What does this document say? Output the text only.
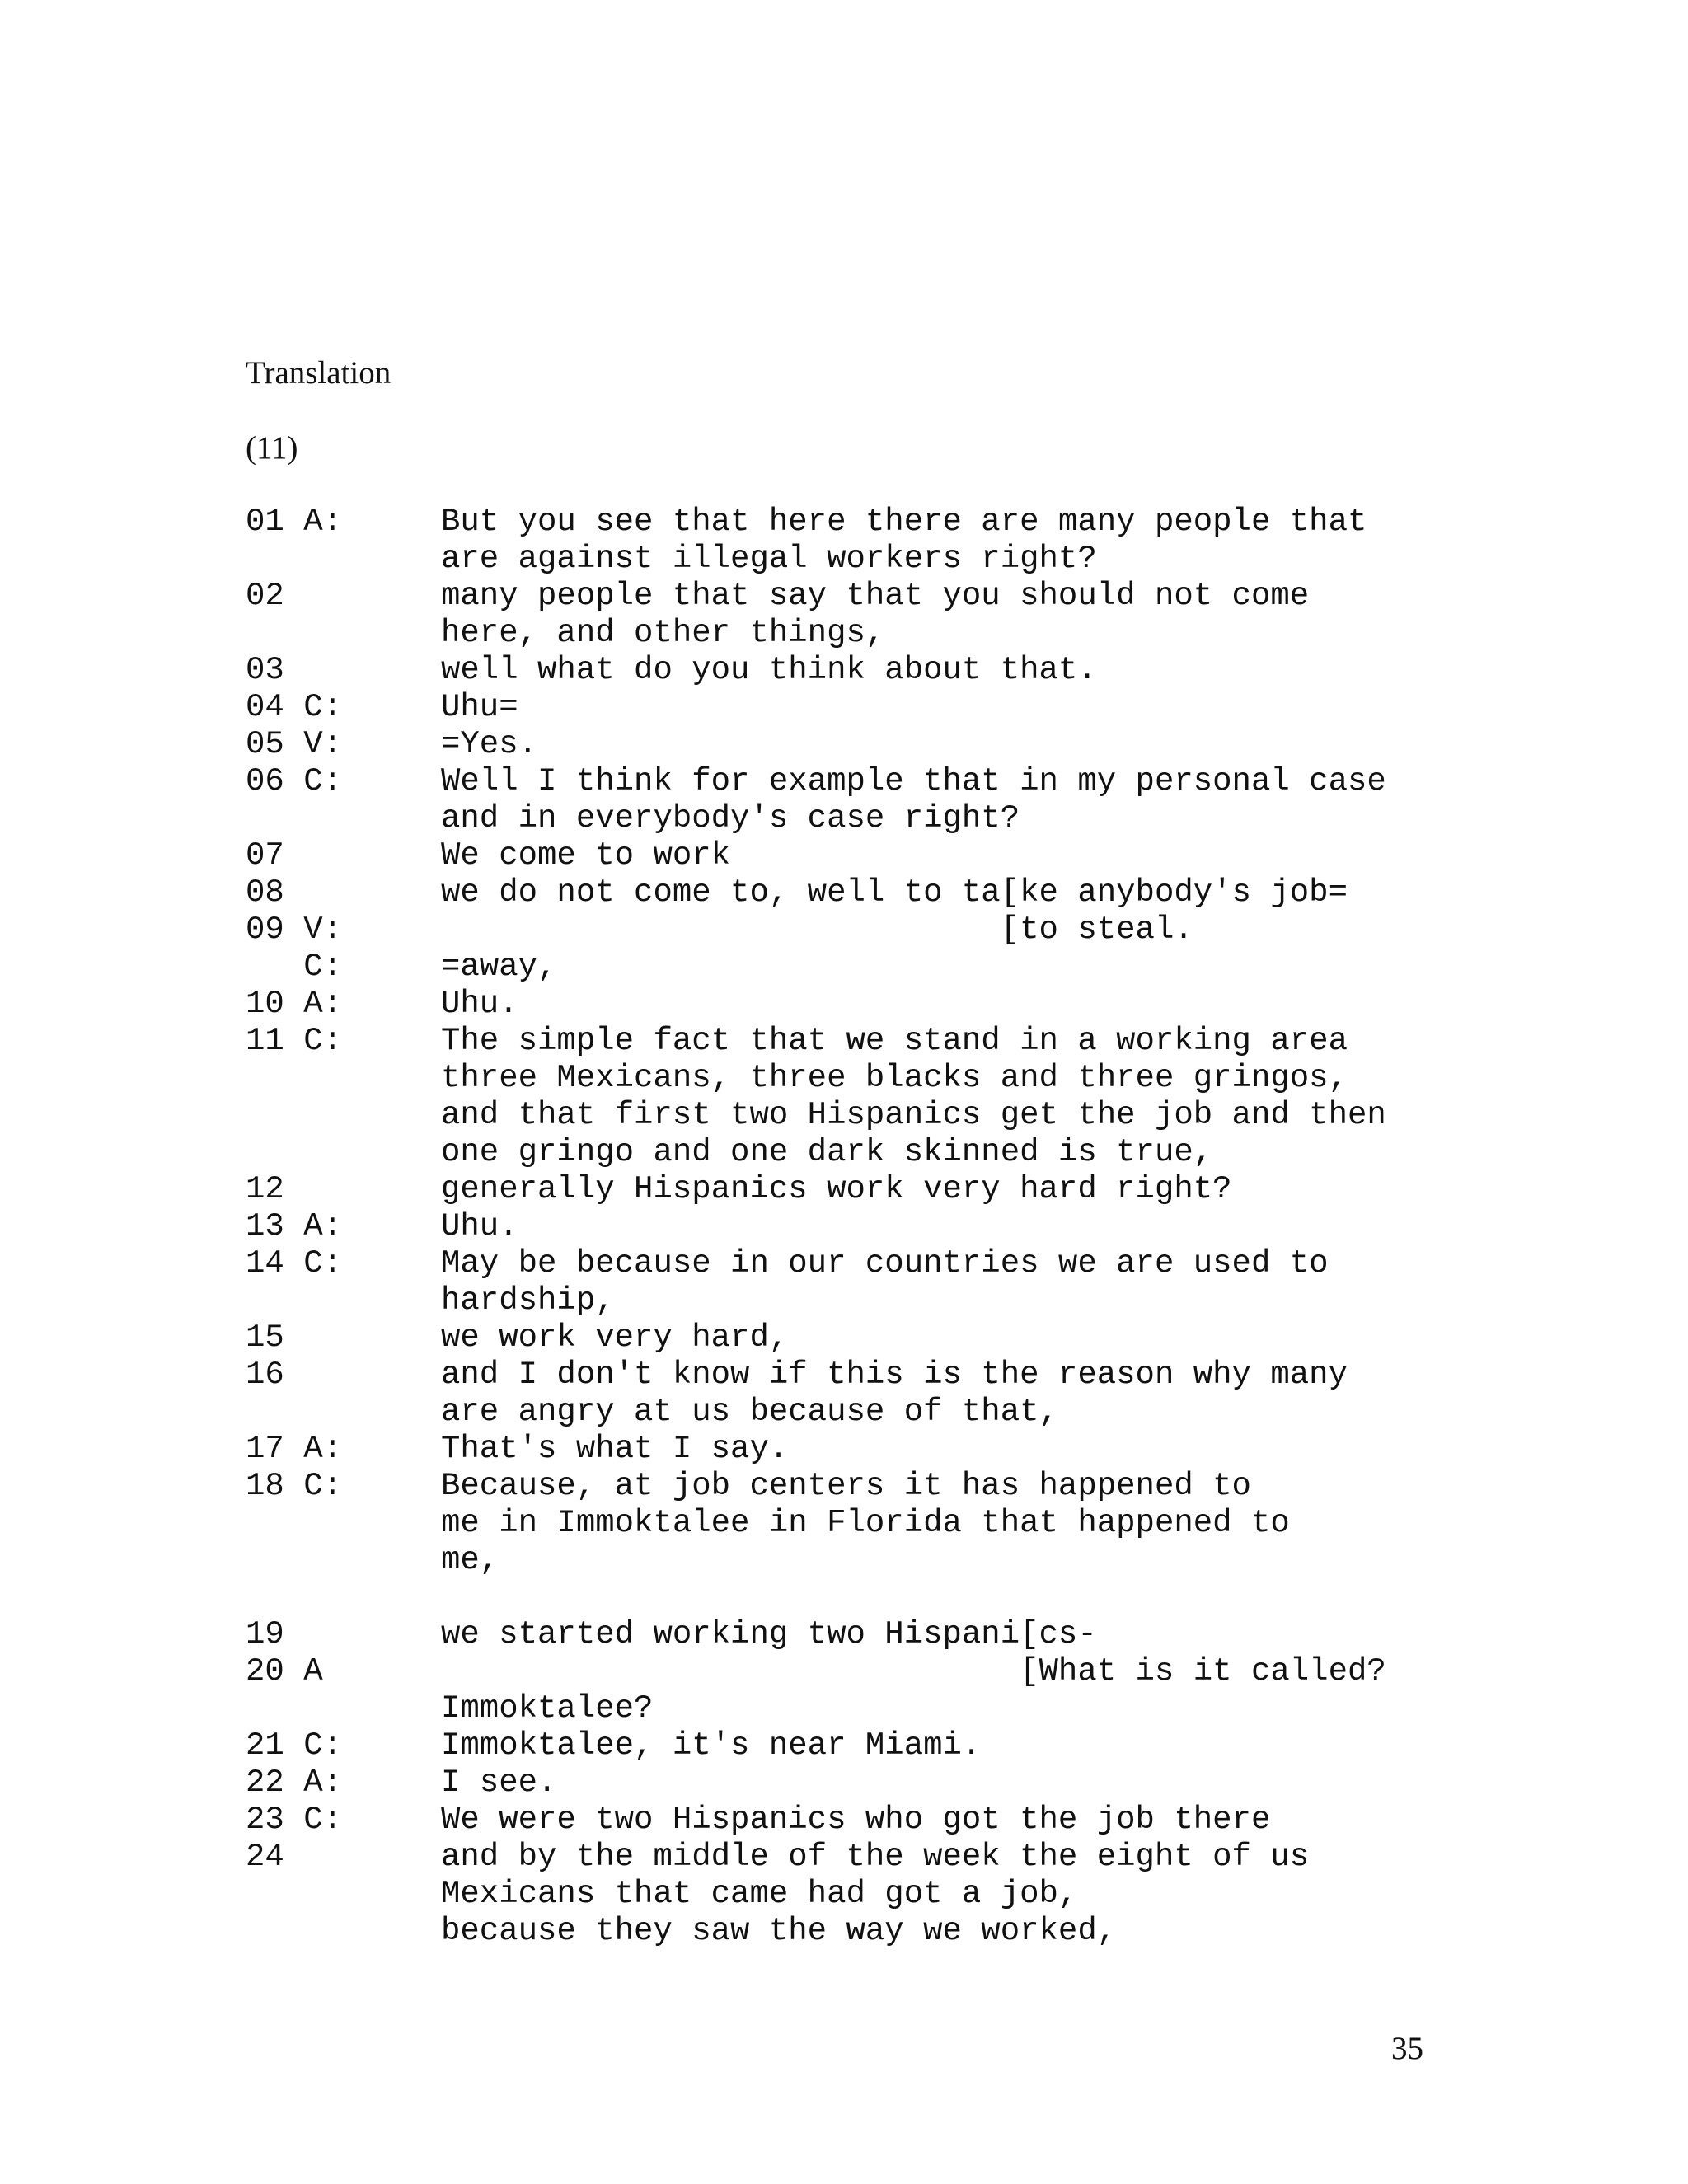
Translation
(11)
01 A:	But you see that here there are many people that
are against illegal workers right?
02	many people that say that you should not come
here, and other things,
03	well what do you think about that.
04 C:	Uhu=
05 V:	=Yes.
06 C:	Well I think for example that in my personal case
and in everybody's case right?
07	We come to work
08	we do not come to, well to ta[ke anybody's job=
09 V:	[to steal.
C:	=away,
10 A:	Uhu.
11 C:	The simple fact that we stand in a working area
three Mexicans, three blacks and three gringos,
and that first two Hispanics get the job and then
one gringo and one dark skinned is true,
12	generally Hispanics work very hard right?
13 A:	Uhu.
14 C:	May be because in our countries we are used to
hardship,
15	we work very hard,
16	and I don't know if this is the reason why many
are angry at us because of that,
17 A:	That's what I say.
18 C:	Because, at job centers it has happened to
me in Immoktalee in Florida that happened to
me,
19	we started working two Hispani[cs-
20 A	[What is it called?
Immoktalee?
21 C:	Immoktalee, it's near Miami.
22 A:	I see.
23 C:	We were two Hispanics who got the job there
24	and by the middle of the week the eight of us
Mexicans that came had got a job,
because they saw the way we worked,
35
